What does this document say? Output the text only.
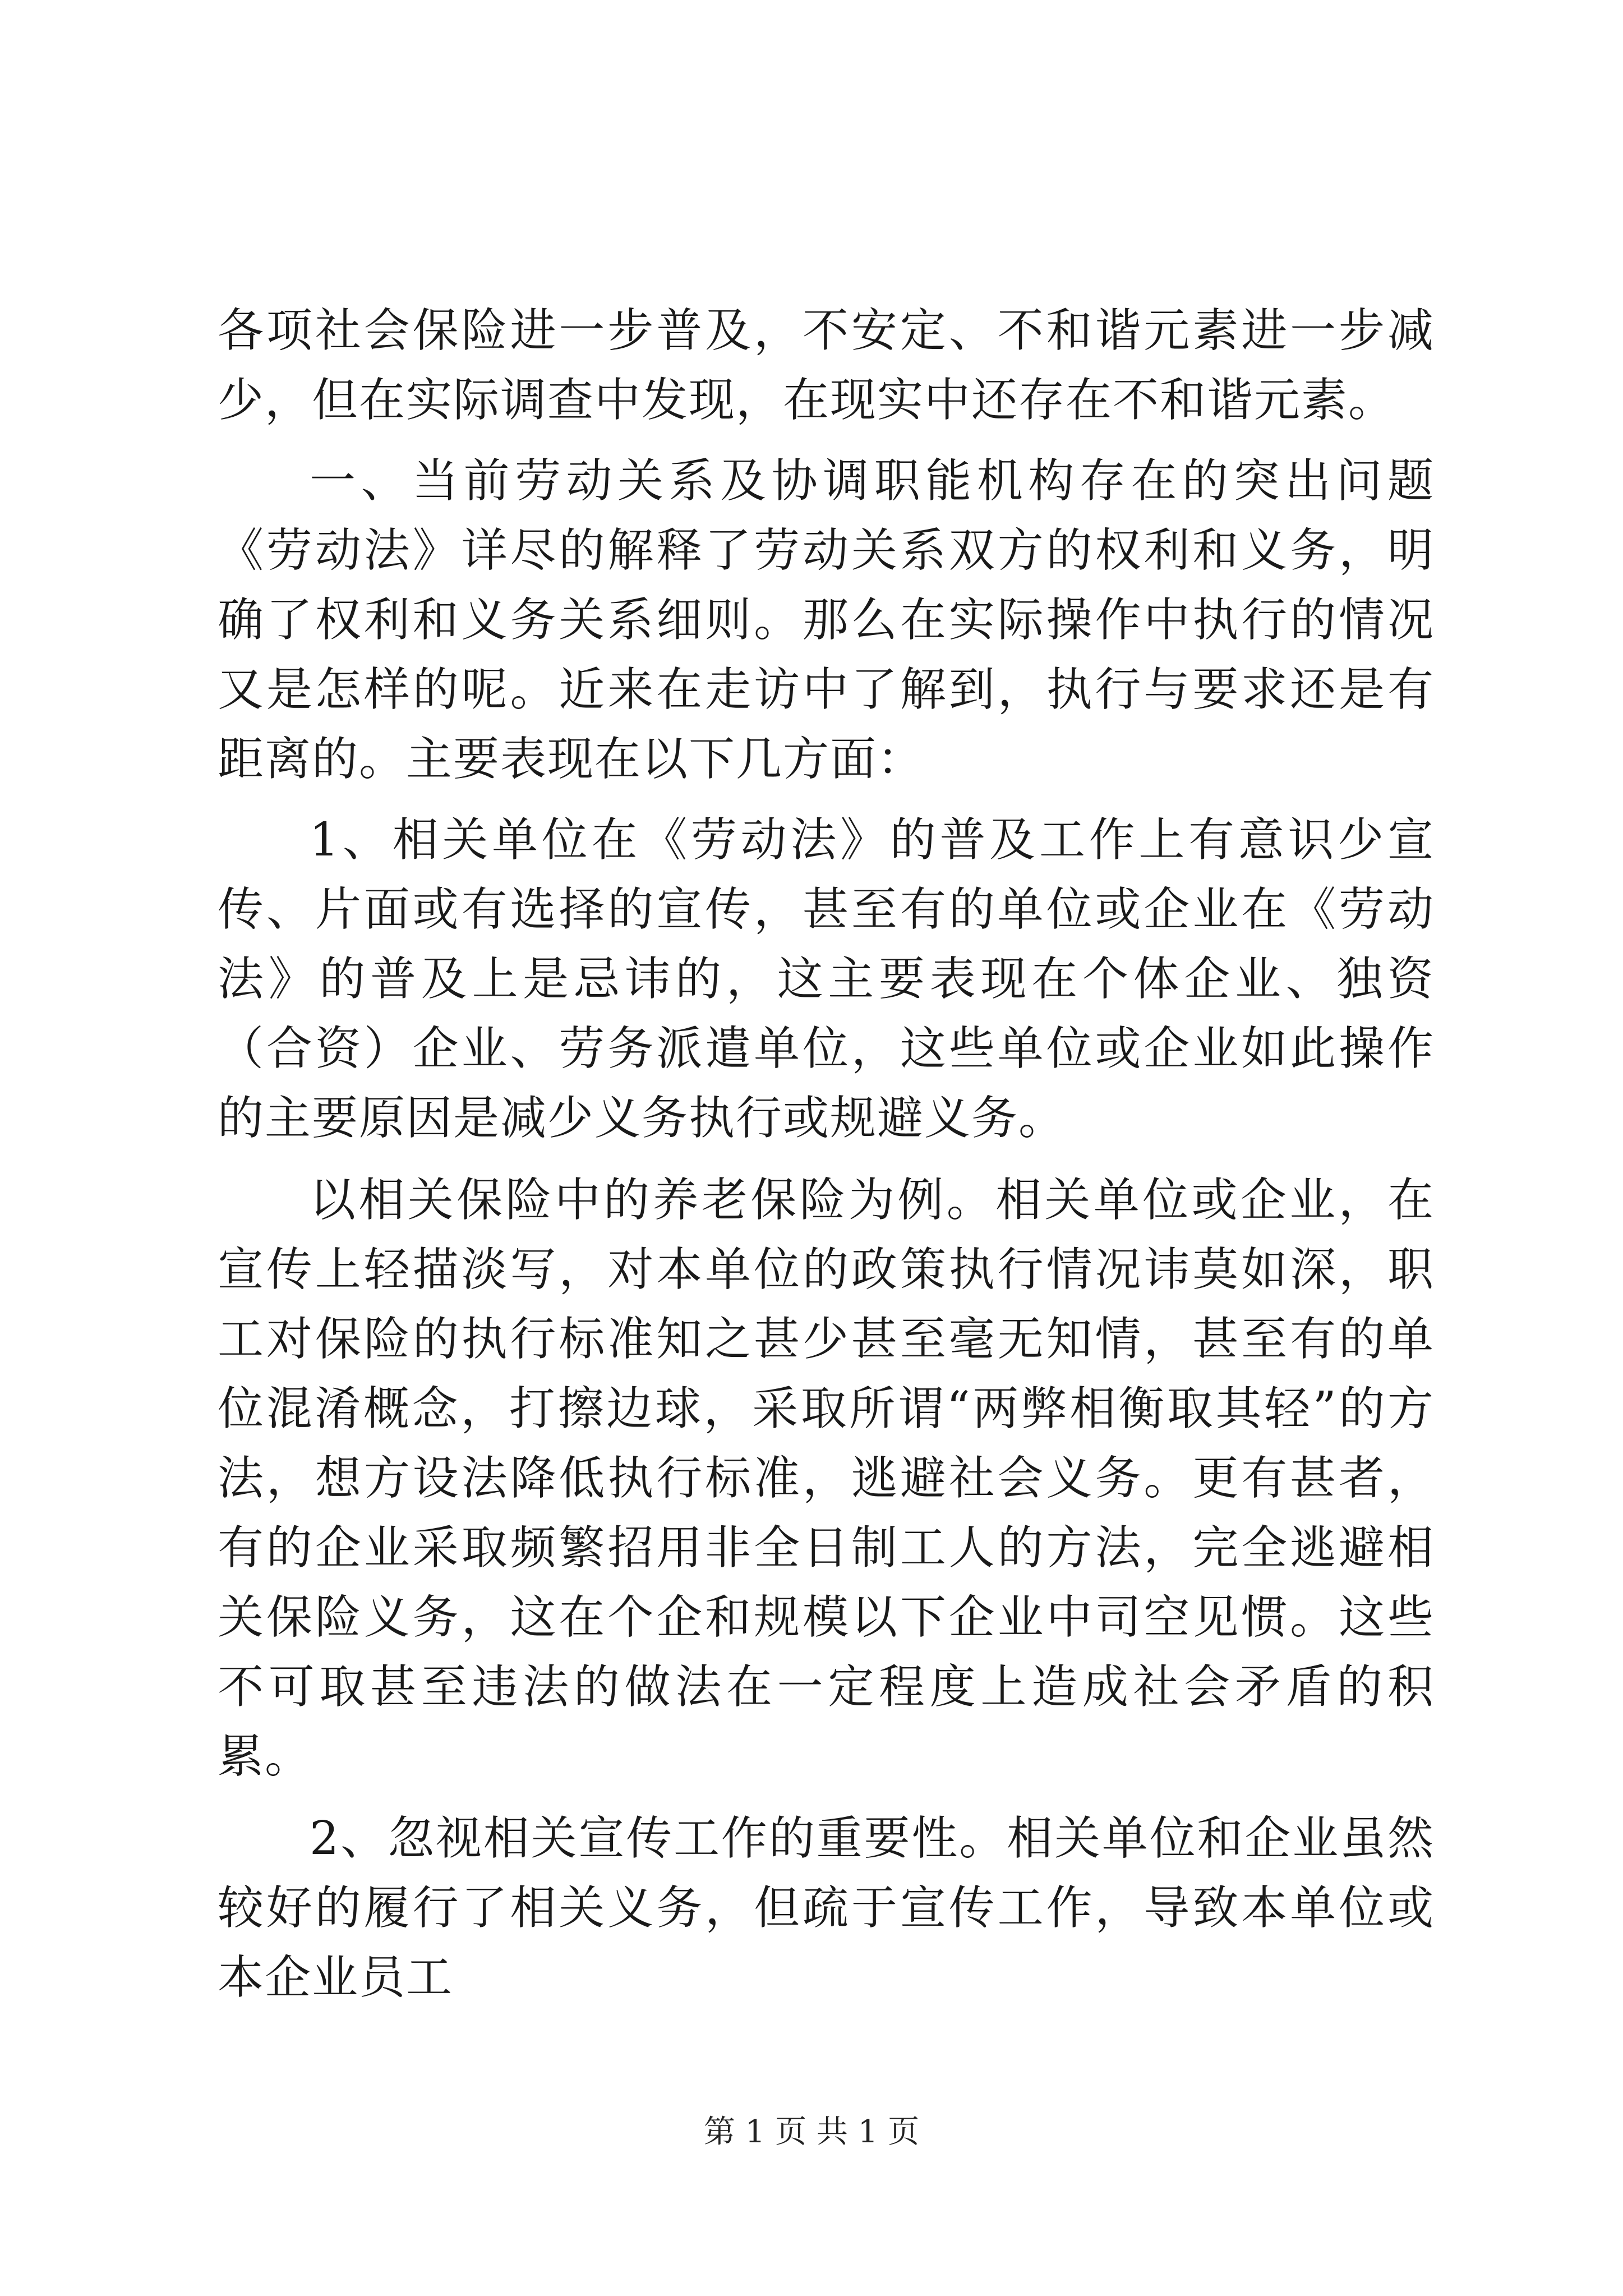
各项社会保险进一步普及，不安定、不和谐元素进一步减少，但在实际调查中发现，在现实中还存在不和谐元素。

一、当前劳动关系及协调职能机构存在的突出问题《劳动法》详尽的解释了劳动关系双方的权利和义务，明确了权利和义务关系细则。那么在实际操作中执行的情况又是怎样的呢。近来在走访中了解到，执行与要求还是有距离的。主要表现在以下几方面：

1、相关单位在《劳动法》的普及工作上有意识少宣传、片面或有选择的宣传，甚至有的单位或企业在《劳动法》的普及上是忌讳的，这主要表现在个体企业、独资（合资）企业、劳务派遣单位，这些单位或企业如此操作的主要原因是减少义务执行或规避义务。

以相关保险中的养老保险为例。相关单位或企业，在宣传上轻描淡写，对本单位的政策执行情况讳莫如深，职工对保险的执行标准知之甚少甚至毫无知情，甚至有的单位混淆概念，打擦边球，采取所谓“两弊相衡取其轻”的方法，想方设法降低执行标准，逃避社会义务。更有甚者，有的企业采取频繁招用非全日制工人的方法，完全逃避相关保险义务，这在个企和规模以下企业中司空见惯。这些不可取甚至违法的做法在一定程度上造成社会矛盾的积累。

2、忽视相关宣传工作的重要性。相关单位和企业虽然较好的履行了相关义务，但疏于宣传工作，导致本单位或本企业员工

第 1 页 共 1 页
